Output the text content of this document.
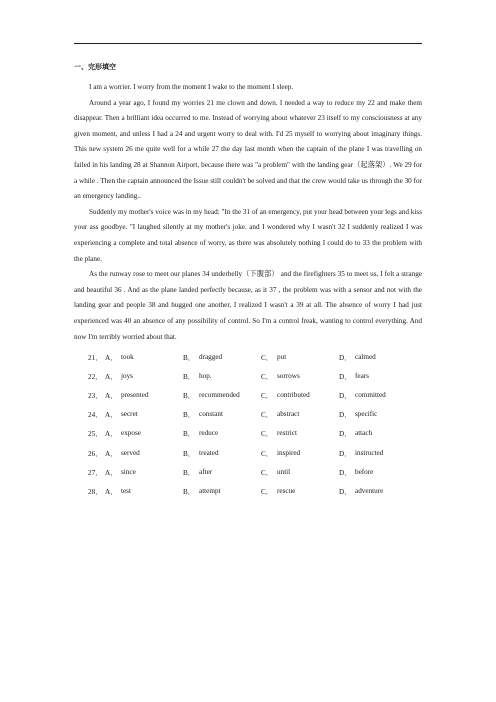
一、完形填空

I am a worrier. I worry from the moment I wake to the moment I sleep.

Around a year ago, I found my worries 21 me clown and down. I needed a way to reduce my 22 and make them disappear. Then a brilliant idea occurred to me. Instead of worrying about whatever 23 itself to my consciousness at any given moment, and unless I had a 24 and urgent worry to deal with. I'd 25 myself to worrying about imaginary things. This new system 26 me quite well for a while 27 the day last month when the captain of the plane I was travelling on failed in his landing 28 at Shannon Airport, because there was "a problem" with the landing gear（起落架）. We 29 for a while . Then the captain announced the Issue still couldn't be solved and that the crew would take us through the 30 for an emergency landing..

Suddenly my mother's voice was in my head: "In the 31 of an emergency, put your head between your legs and kiss your ass goodbye. "I laughed silently at my mother's joke. and I wondered why I wasn't 32 I suddenly realized I was experiencing a complete and total absence of worry, as there was absolutely nothing I could do to 33 the problem with the plane.

As the runway rose to meet our planes 34 underbelly（下腹部） and the firefighters 35 to meet us, I felt a strange and beautiful 36 . And as the plane landed perfectly because, as it 37 , the problem was with a sensor and not with the landing gear and people 38 and hugged one another, I realized I wasn't a 39 at all. The absence of worry I had just experienced was 40 an absence of any possibility of control. So I'm a control freak, wanting to control everything. And now I'm terribly worried about that.

21． A． took	B． dragged	C． put	D． calmed
22． A． joys	B． hop.	C． sorrows	D． fears
23． A． presented	B． recommended	C． contributed	D． committed
24． A． secret	B． constant	C． abstract	D． specific
25． A． expose	B． reduce	C． restrict	D． attach
26． A． served	B． treated	C． inspired	D． instructed
27． A． since	B． after	C． until	D． before
28． A． test	B． attempt	C． rescue	D． adventure
